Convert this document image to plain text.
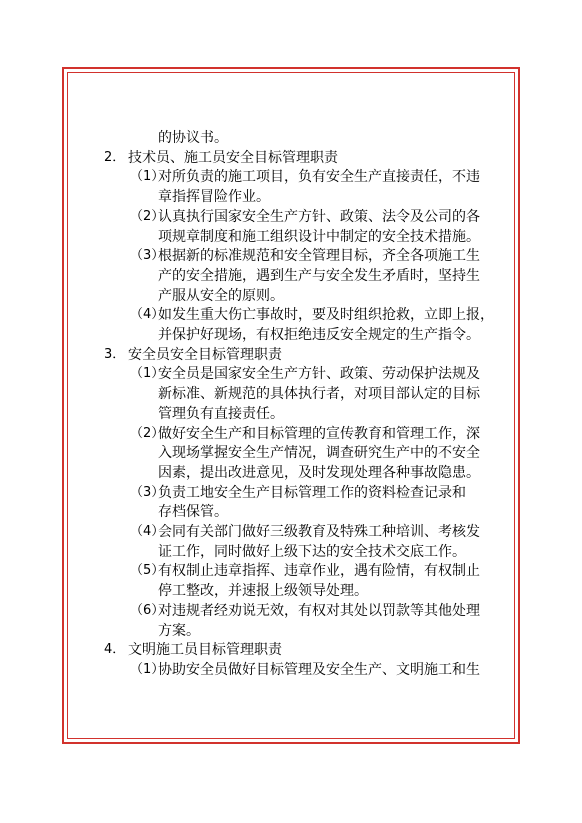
的协议书。
2． 技术员、施工员安全目标管理职责
（1）
对所负责的施工项目，负有安全生产直接责任，不违
章指挥冒险作业。
（2）
认真执行国家安全生产方针、政策、法令及公司的各
项规章制度和施工组织设计中制定的安全技术措施。
（3）
根据新的标准规范和安全管理目标，齐全各项施工生
产的安全措施，遇到生产与安全发生矛盾时，坚持生
产服从安全的原则。
（4）
如发生重大伤亡事故时，要及时组织抢救，立即上报，
并保护好现场，有权拒绝违反安全规定的生产指令。
3． 安全员安全目标管理职责
（1）
安全员是国家安全生产方针、政策、劳动保护法规及
新标准、新规范的具体执行者，对项目部认定的目标
管理负有直接责任。
（2）
做好安全生产和目标管理的宣传教育和管理工作，深
入现场掌握安全生产情况，调查研究生产中的不安全
因素，提出改进意见，及时发现处理各种事故隐患。
（3）
负责工地安全生产目标管理工作的资料检查记录和
存档保管。
（4）
会同有关部门做好三级教育及特殊工种培训、考核发
证工作，同时做好上级下达的安全技术交底工作。
（5）
有权制止违章指挥、违章作业，遇有险情，有权制止
停工整改，并速报上级领导处理。
（6）
对违规者经劝说无效，有权对其处以罚款等其他处理
方案。
4． 文明施工员目标管理职责
（1）
协助安全员做好目标管理及安全生产、文明施工和生
